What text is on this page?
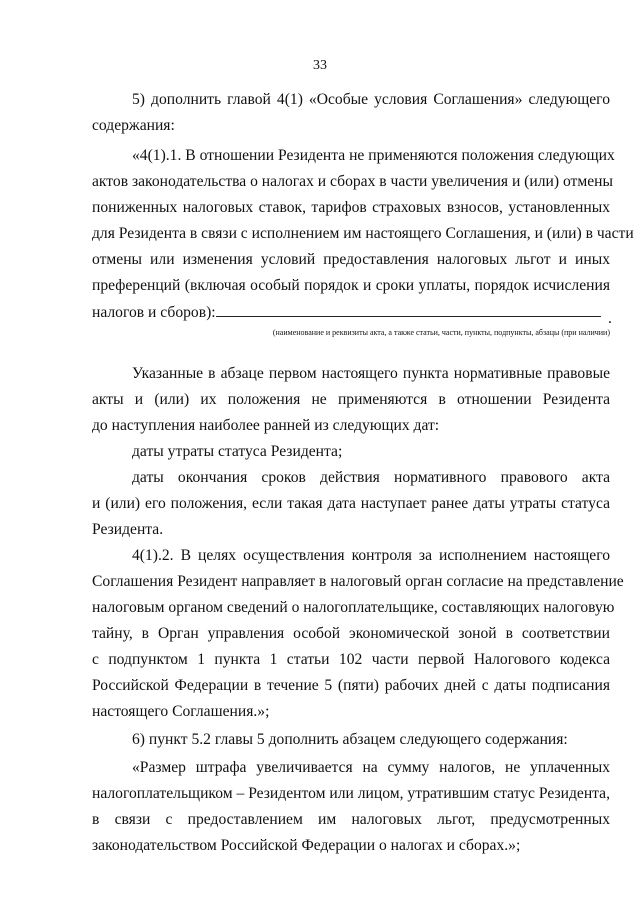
33
5) дополнить главой 4(1) «Особые условия Соглашения» следующего
содержания:
«4(1).1. В отношении Резидента не применяются положения следующих
актов законодательства о налогах и сборах в части увеличения и (или) отмены
пониженных налоговых ставок, тарифов страховых взносов, установленных
для Резидента в связи с исполнением им настоящего Соглашения, и (или) в части
отмены или изменения условий предоставления налоговых льгот и иных
преференций (включая особый порядок и сроки уплаты, порядок исчисления
налогов и сборов):	.
(наименование и реквизиты акта, а также статьи, части, пункты, подпункты, абзацы (при наличии)
Указанные в абзаце первом настоящего пункта нормативные правовые
акты и (или) их положения не применяются в отношении Резидента
до наступления наиболее ранней из следующих дат:
даты утраты статуса Резидента;
даты окончания сроков действия нормативного правового акта
и (или) его положения, если такая дата наступает ранее даты утраты статуса
Резидента.
4(1).2. В целях осуществления контроля за исполнением настоящего
Соглашения Резидент направляет в налоговый орган согласие на представление
налоговым органом сведений о налогоплательщике, составляющих налоговую
тайну, в Орган управления особой экономической зоной в соответствии
с подпунктом 1 пункта 1 статьи 102 части первой Налогового кодекса
Российской Федерации в течение 5 (пяти) рабочих дней с даты подписания
настоящего Соглашения.»;
6) пункт 5.2 главы 5 дополнить абзацем следующего содержания:
«Размер штрафа увеличивается на сумму налогов, не уплаченных
налогоплательщиком – Резидентом или лицом, утратившим статус Резидента,
в связи с предоставлением им налоговых льгот, предусмотренных
законодательством Российской Федерации о налогах и сборах.»;
